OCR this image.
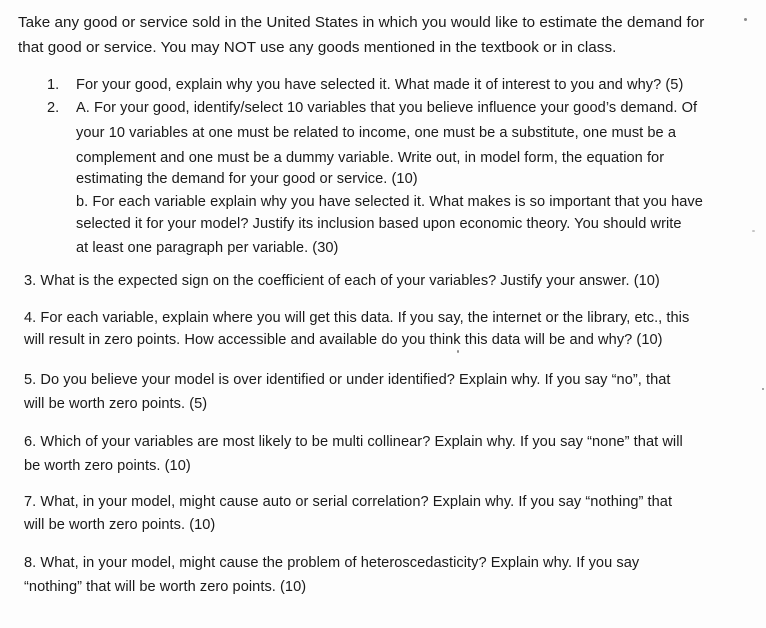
Take any good or service sold in the United States in which you would like to estimate the demand for
that good or service. You may NOT use any goods mentioned in the textbook or in class.
1. For your good, explain why you have selected it. What made it of interest to you and why? (5)
2. A. For your good, identify/select 10 variables that you believe influence your good’s demand. Of
your 10 variables at one must be related to income, one must be a substitute, one must be a
complement and one must be a dummy variable. Write out, in model form, the equation for
estimating the demand for your good or service. (10)
b. For each variable explain why you have selected it. What makes is so important that you have
selected it for your model? Justify its inclusion based upon economic theory. You should write
at least one paragraph per variable. (30)
3. What is the expected sign on the coefficient of each of your variables? Justify your answer. (10)
4. For each variable, explain where you will get this data. If you say, the internet or the library, etc., this
will result in zero points. How accessible and available do you think this data will be and why? (10)
5. Do you believe your model is over identified or under identified? Explain why. If you say “no”, that
will be worth zero points. (5)
6. Which of your variables are most likely to be multi collinear? Explain why. If you say “none” that will
be worth zero points. (10)
7. What, in your model, might cause auto or serial correlation? Explain why. If you say “nothing” that
will be worth zero points. (10)
8. What, in your model, might cause the problem of heteroscedasticity? Explain why. If you say
“nothing” that will be worth zero points. (10)
